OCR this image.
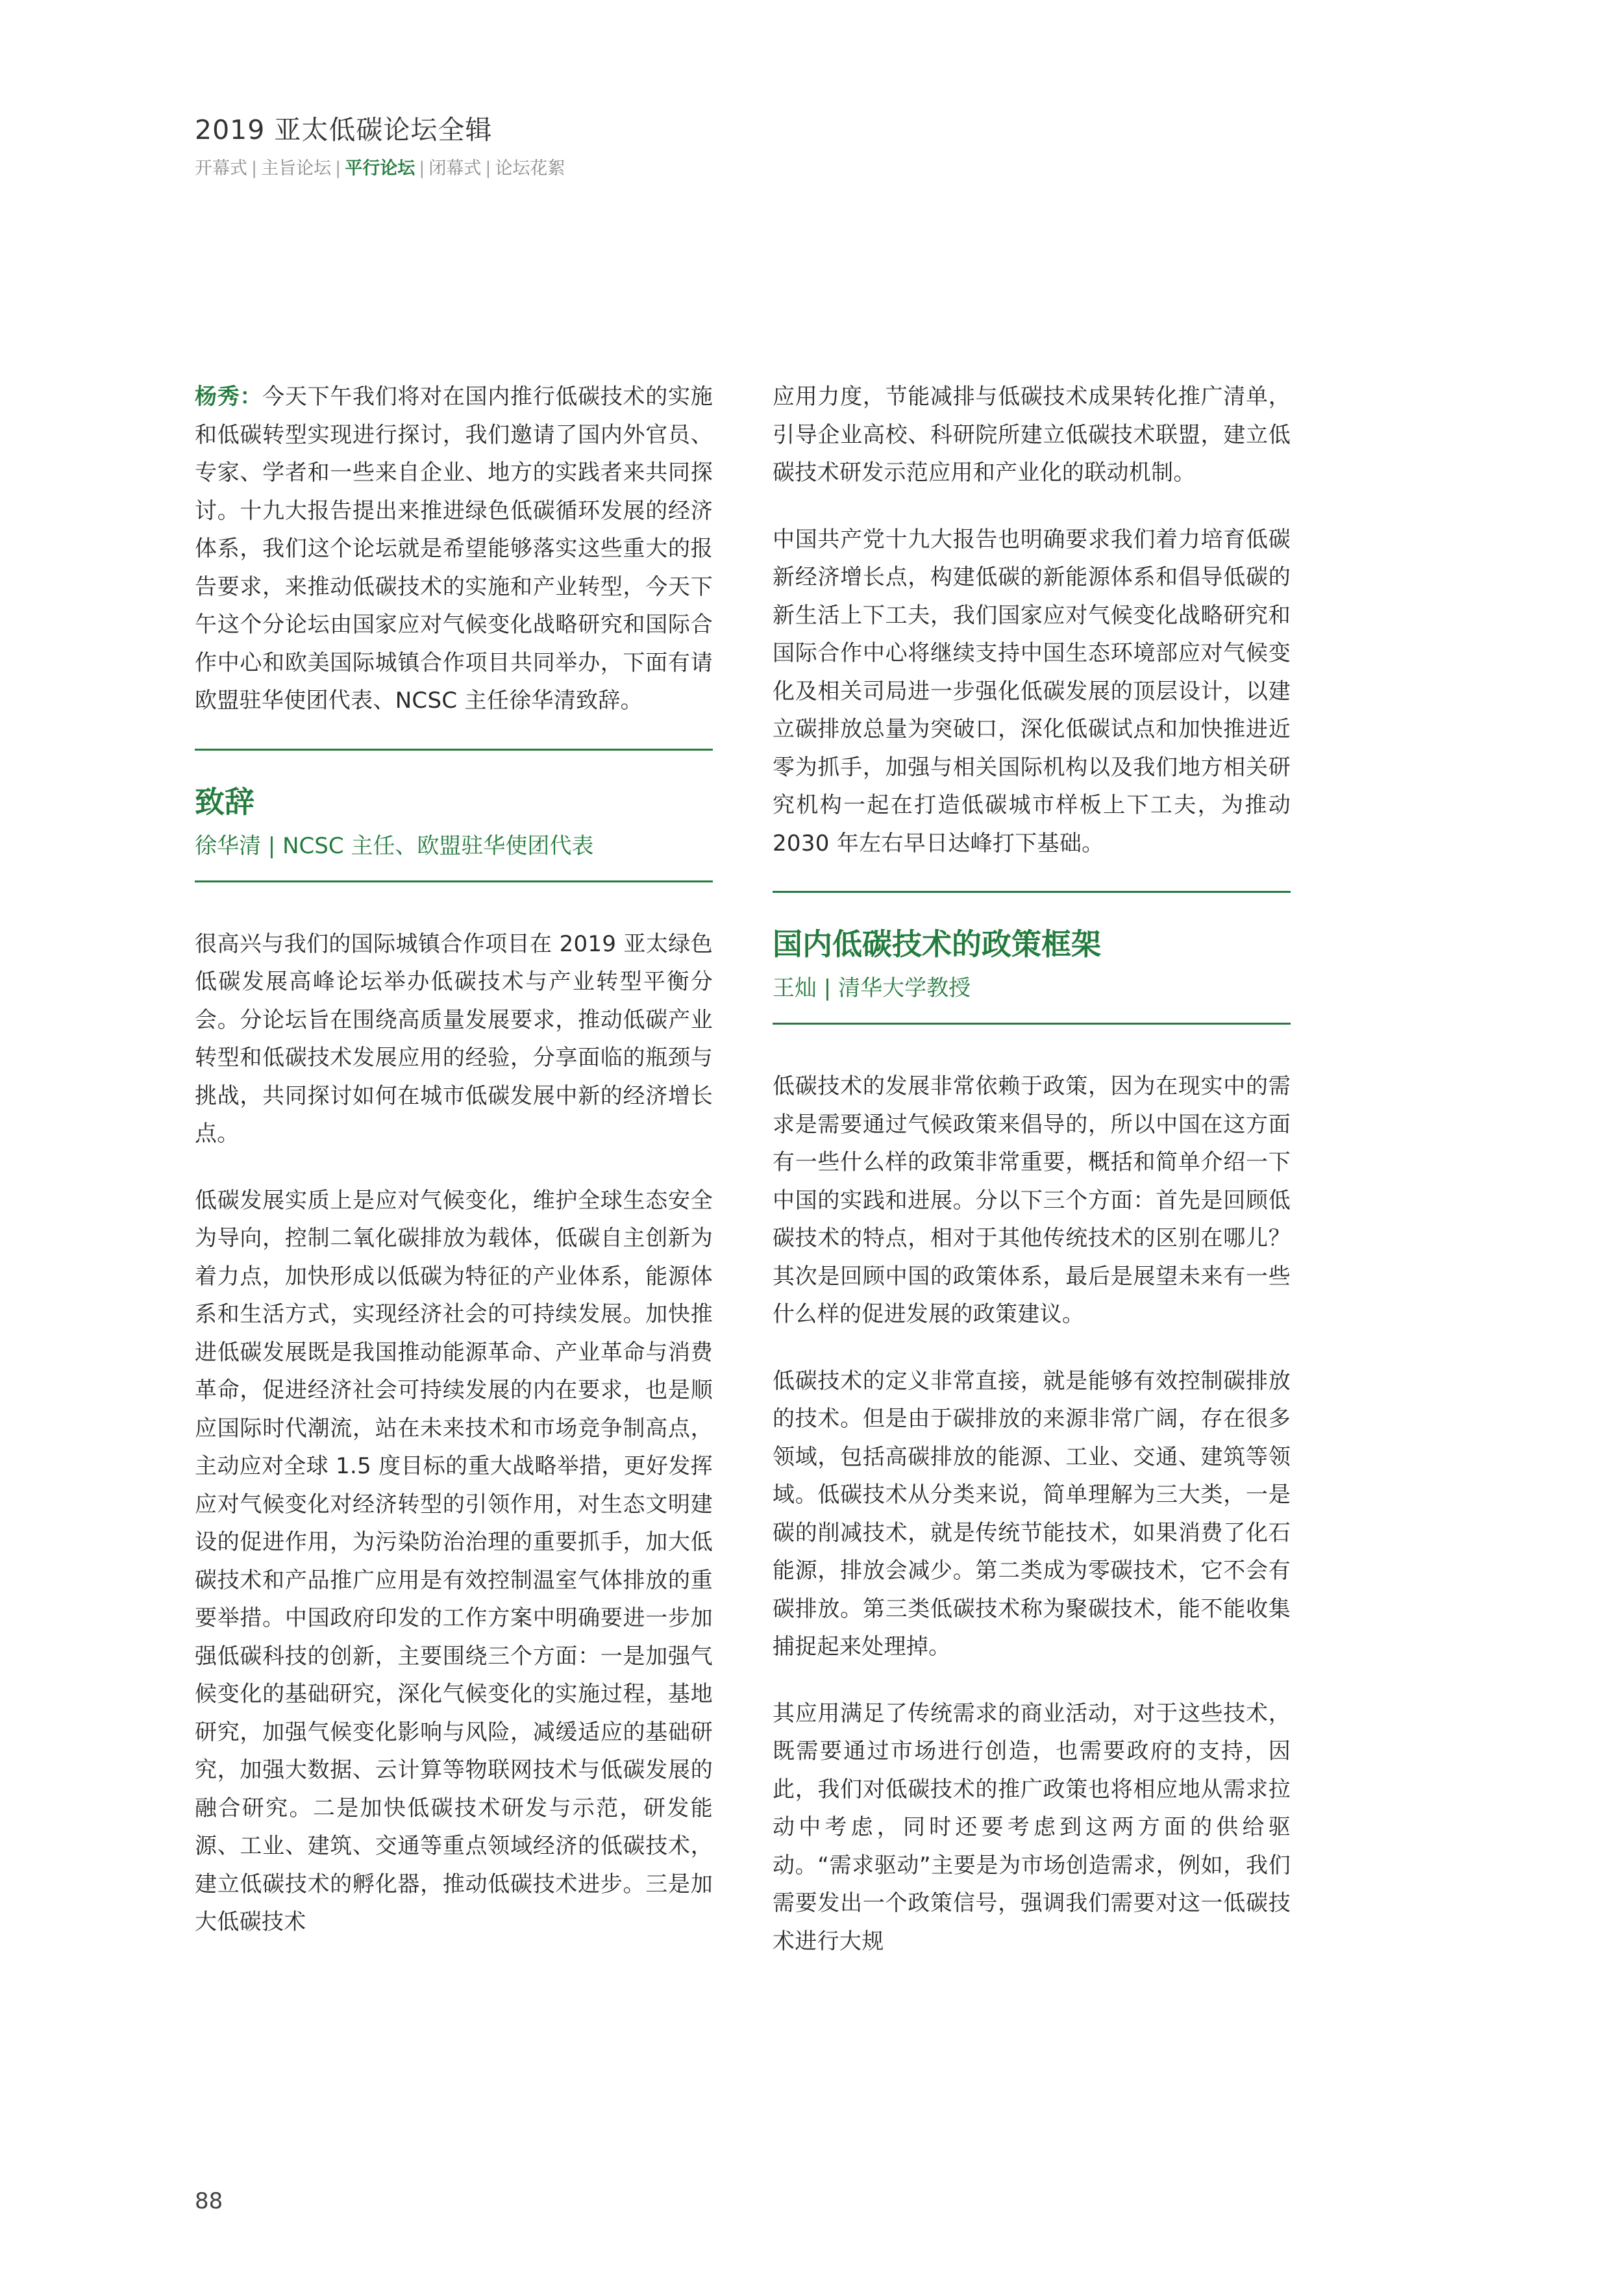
2019 亚太低碳论坛全辑
开幕式 | 主旨论坛 | 平行论坛 | 闭幕式 | 论坛花絮

杨秀：今天下午我们将对在国内推行低碳技术的实施和低碳转型实现进行探讨，我们邀请了国内外官员、专家、学者和一些来自企业、地方的实践者来共同探讨。十九大报告提出来推进绿色低碳循环发展的经济体系，我们这个论坛就是希望能够落实这些重大的报告要求，来推动低碳技术的实施和产业转型，今天下午这个分论坛由国家应对气候变化战略研究和国际合作中心和欧美国际城镇合作项目共同举办，下面有请欧盟驻华使团代表、NCSC 主任徐华清致辞。

致辞
徐华清 | NCSC 主任、欧盟驻华使团代表

很高兴与我们的国际城镇合作项目在 2019 亚太绿色低碳发展高峰论坛举办低碳技术与产业转型平衡分会。分论坛旨在围绕高质量发展要求，推动低碳产业转型和低碳技术发展应用的经验，分享面临的瓶颈与挑战，共同探讨如何在城市低碳发展中新的经济增长点。

低碳发展实质上是应对气候变化，维护全球生态安全为导向，控制二氧化碳排放为载体，低碳自主创新为着力点，加快形成以低碳为特征的产业体系，能源体系和生活方式，实现经济社会的可持续发展。加快推进低碳发展既是我国推动能源革命、产业革命与消费革命，促进经济社会可持续发展的内在要求，也是顺应国际时代潮流，站在未来技术和市场竞争制高点，主动应对全球 1.5 度目标的重大战略举措，更好发挥应对气候变化对经济转型的引领作用，对生态文明建设的促进作用，为污染防治治理的重要抓手，加大低碳技术和产品推广应用是有效控制温室气体排放的重要举措。中国政府印发的工作方案中明确要进一步加强低碳科技的创新，主要围绕三个方面：一是加强气候变化的基础研究，深化气候变化的实施过程，基地研究，加强气候变化影响与风险，减缓适应的基础研究，加强大数据、云计算等物联网技术与低碳发展的融合研究。二是加快低碳技术研发与示范，研发能源、工业、建筑、交通等重点领域经济的低碳技术，建立低碳技术的孵化器，推动低碳技术进步。三是加大低碳技术

应用力度，节能减排与低碳技术成果转化推广清单，引导企业高校、科研院所建立低碳技术联盟，建立低碳技术研发示范应用和产业化的联动机制。

中国共产党十九大报告也明确要求我们着力培育低碳新经济增长点，构建低碳的新能源体系和倡导低碳的新生活上下工夫，我们国家应对气候变化战略研究和国际合作中心将继续支持中国生态环境部应对气候变化及相关司局进一步强化低碳发展的顶层设计，以建立碳排放总量为突破口，深化低碳试点和加快推进近零为抓手，加强与相关国际机构以及我们地方相关研究机构一起在打造低碳城市样板上下工夫，为推动 2030 年左右早日达峰打下基础。

国内低碳技术的政策框架
王灿 | 清华大学教授

低碳技术的发展非常依赖于政策，因为在现实中的需求是需要通过气候政策来倡导的，所以中国在这方面有一些什么样的政策非常重要，概括和简单介绍一下中国的实践和进展。分以下三个方面：首先是回顾低碳技术的特点，相对于其他传统技术的区别在哪儿？其次是回顾中国的政策体系，最后是展望未来有一些什么样的促进发展的政策建议。

低碳技术的定义非常直接，就是能够有效控制碳排放的技术。但是由于碳排放的来源非常广阔，存在很多领域，包括高碳排放的能源、工业、交通、建筑等领域。低碳技术从分类来说，简单理解为三大类，一是碳的削减技术，就是传统节能技术，如果消费了化石能源，排放会减少。第二类成为零碳技术，它不会有碳排放。第三类低碳技术称为聚碳技术，能不能收集捕捉起来处理掉。

其应用满足了传统需求的商业活动，对于这些技术，既需要通过市场进行创造，也需要政府的支持，因此，我们对低碳技术的推广政策也将相应地从需求拉动中考虑，同时还要考虑到这两方面的供给驱动。“需求驱动”主要是为市场创造需求，例如，我们需要发出一个政策信号，强调我们需要对这一低碳技术进行大规

88
